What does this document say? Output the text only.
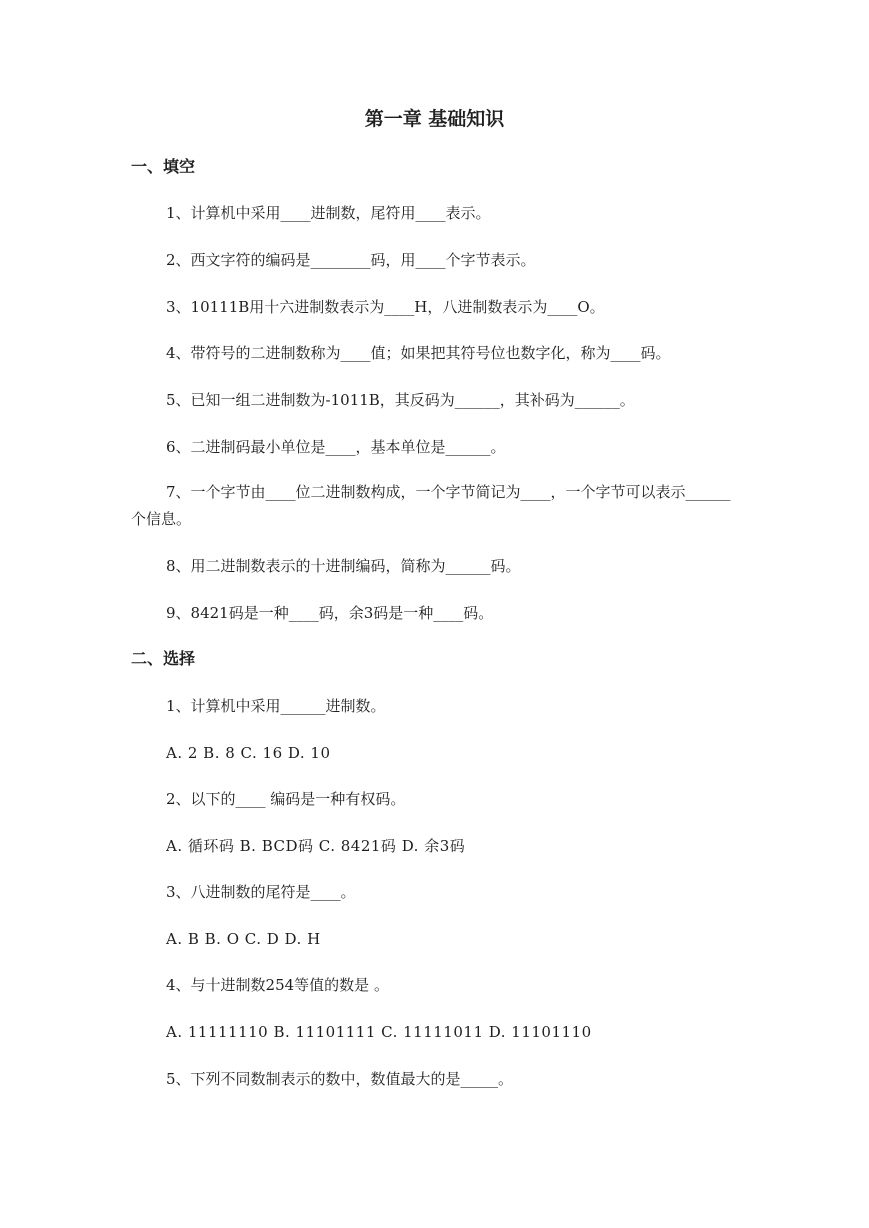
第一章 基础知识
一、填空

1、计算机中采用____进制数，尾符用____表示。

2、西文字符的编码是________码，用____个字节表示。

3、10111B用十六进制数表示为____H，八进制数表示为____O。

4、带符号的二进制数称为____值；如果把其符号位也数字化，称为____码。

5、已知一组二进制数为-1011B，其反码为______，其补码为______。

6、二进制码最小单位是____，基本单位是______。

7、一个字节由____位二进制数构成，一个字节简记为____，一个字节可以表示______个信息。

8、用二进制数表示的十进制编码，简称为______码。

9、8421码是一种____码，余3码是一种____码。

二、选择

1、计算机中采用______进制数。

A. 2 B. 8 C. 16 D. 10

2、以下的____ 编码是一种有权码。

A. 循环码 B. BCD码 C. 8421码 D. 余3码

3、八进制数的尾符是____。

A. B B. O C. D D. H

4、与十进制数254等值的数是 。

A. 11111110 B. 11101111 C. 11111011 D. 11101110

5、下列不同数制表示的数中，数值最大的是_____。
